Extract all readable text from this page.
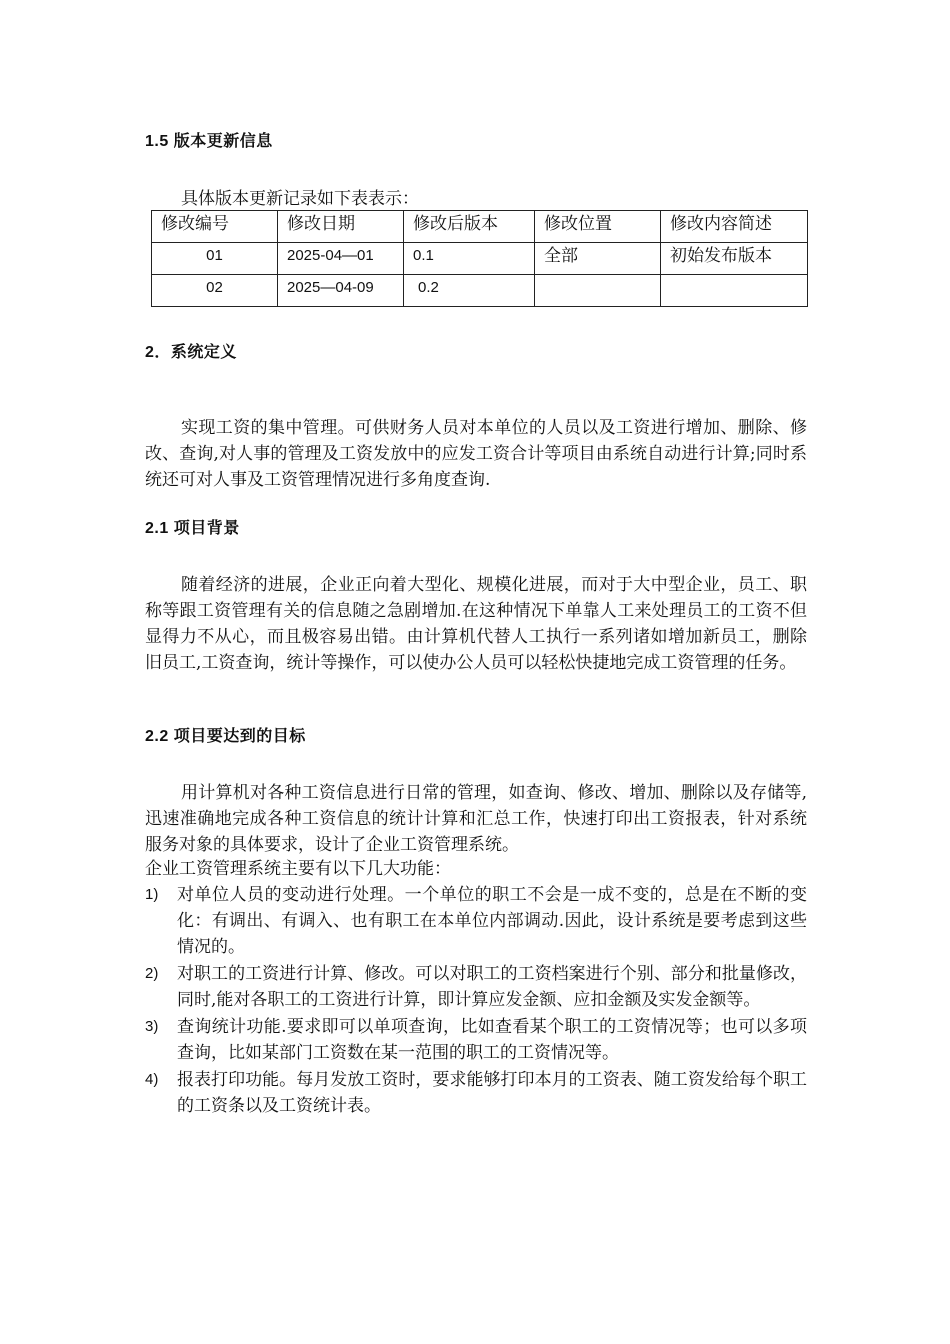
1.5 版本更新信息

具体版本更新记录如下表表示：

修改编号	修改日期	修改后版本	修改位置	修改内容简述
01	2025-04—01	0.1	全部	初始发布版本
02	2025—04-09	0.2		
2．系统定义

实现工资的集中管理。可供财务人员对本单位的人员以及工资进行增加、删除、修改、查询,对人事的管理及工资发放中的应发工资合计等项目由系统自动进行计算;同时系统还可对人事及工资管理情况进行多角度查询.

2.1 项目背景

随着经济的进展，企业正向着大型化、规模化进展，而对于大中型企业，员工、职称等跟工资管理有关的信息随之急剧增加.在这种情况下单靠人工来处理员工的工资不但显得力不从心，而且极容易出错。由计算机代替人工执行一系列诸如增加新员工，删除旧员工,工资查询，统计等操作，可以使办公人员可以轻松快捷地完成工资管理的任务。

2.2 项目要达到的目标

用计算机对各种工资信息进行日常的管理，如查询、修改、增加、删除以及存储等,迅速准确地完成各种工资信息的统计计算和汇总工作，快速打印出工资报表，针对系统服务对象的具体要求，设计了企业工资管理系统。

企业工资管理系统主要有以下几大功能：

1) 对单位人员的变动进行处理。一个单位的职工不会是一成不变的，总是在不断的变化：有调出、有调入、也有职工在本单位内部调动.因此，设计系统是要考虑到这些情况的。
2) 对职工的工资进行计算、修改。可以对职工的工资档案进行个别、部分和批量修改，同时,能对各职工的工资进行计算，即计算应发金额、应扣金额及实发金额等。
3) 查询统计功能.要求即可以单项查询，比如查看某个职工的工资情况等；也可以多项查询，比如某部门工资数在某一范围的职工的工资情况等。
4) 报表打印功能。每月发放工资时，要求能够打印本月的工资表、随工资发给每个职工的工资条以及工资统计表。
